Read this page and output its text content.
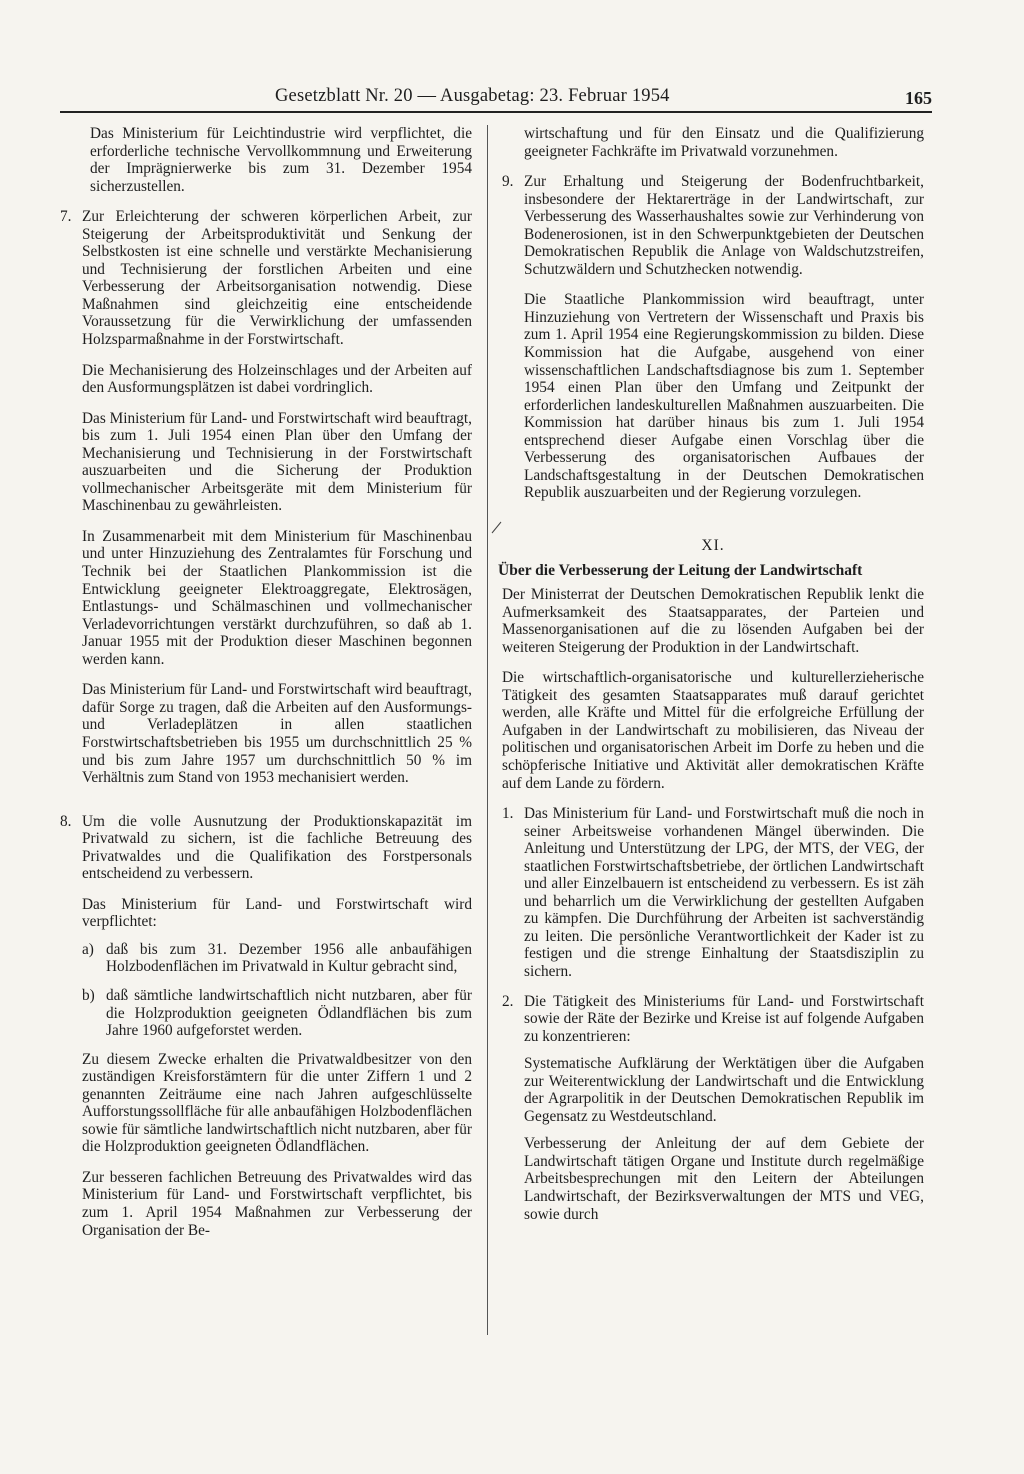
Gesetzblatt Nr. 20 — Ausgabetag: 23. Februar 1954	165

Das Ministerium für Leichtindustrie wird verpflichtet, die erforderliche technische Vervollkommnung und Erweiterung der Imprägnierwerke bis zum 31. Dezember 1954 sicherzustellen.

7. Zur Erleichterung der schweren körperlichen Arbeit, zur Steigerung der Arbeitsproduktivität und Senkung der Selbstkosten ist eine schnelle und verstärkte Mechanisierung und Technisierung der forstlichen Arbeiten und eine Verbesserung der Arbeitsorganisation notwendig. Diese Maßnahmen sind gleichzeitig eine entscheidende Voraussetzung für die Verwirklichung der umfassenden Holzsparmaßnahme in der Forstwirtschaft.

Die Mechanisierung des Holzeinschlages und der Arbeiten auf den Ausformungsplätzen ist dabei vordringlich.

Das Ministerium für Land- und Forstwirtschaft wird beauftragt, bis zum 1. Juli 1954 einen Plan über den Umfang der Mechanisierung und Technisierung in der Forstwirtschaft auszuarbeiten und die Sicherung der Produktion vollmechanischer Arbeitsgeräte mit dem Ministerium für Maschinenbau zu gewährleisten.

In Zusammenarbeit mit dem Ministerium für Maschinenbau und unter Hinzuziehung des Zentralamtes für Forschung und Technik bei der Staatlichen Plankommission ist die Entwicklung geeigneter Elektroaggregate, Elektrosägen, Entlastungs- und Schälmaschinen und vollmechanischer Verladevorrichtungen verstärkt durchzuführen, so daß ab 1. Januar 1955 mit der Produktion dieser Maschinen begonnen werden kann.

Das Ministerium für Land- und Forstwirtschaft wird beauftragt, dafür Sorge zu tragen, daß die Arbeiten auf den Ausformungs- und Verladeplätzen in allen staatlichen Forstwirtschaftsbetrieben bis 1955 um durchschnittlich 25 % und bis zum Jahre 1957 um durchschnittlich 50 % im Verhältnis zum Stand von 1953 mechanisiert werden.

8. Um die volle Ausnutzung der Produktionskapazität im Privatwald zu sichern, ist die fachliche Betreuung des Privatwaldes und die Qualifikation des Forstpersonals entscheidend zu verbessern.

Das Ministerium für Land- und Forstwirtschaft wird verpflichtet:

a) daß bis zum 31. Dezember 1956 alle anbaufähigen Holzbodenflächen im Privatwald in Kultur gebracht sind,
b) daß sämtliche landwirtschaftlich nicht nutzbaren, aber für die Holzproduktion geeigneten Ödlandflächen bis zum Jahre 1960 aufgeforstet werden.

Zu diesem Zwecke erhalten die Privatwaldbesitzer von den zuständigen Kreisforstämtern für die unter Ziffern 1 und 2 genannten Zeiträume eine nach Jahren aufgeschlüsselte Aufforstungssollfläche für alle anbaufähigen Holzbodenflächen sowie für sämtliche landwirtschaftlich nicht nutzbaren, aber für die Holzproduktion geeigneten Ödlandflächen.

Zur besseren fachlichen Betreuung des Privatwaldes wird das Ministerium für Land- und Forstwirtschaft verpflichtet, bis zum 1. April 1954 Maßnahmen zur Verbesserung der Organisation der Be-

wirtschaftung und für den Einsatz und die Qualifizierung geeigneter Fachkräfte im Privatwald vorzunehmen.

9. Zur Erhaltung und Steigerung der Bodenfruchtbarkeit, insbesondere der Hektarerträge in der Landwirtschaft, zur Verbesserung des Wasserhaushaltes sowie zur Verhinderung von Bodenerosionen, ist in den Schwerpunktgebieten der Deutschen Demokratischen Republik die Anlage von Waldschutzstreifen, Schutzwäldern und Schutzhecken notwendig.

Die Staatliche Plankommission wird beauftragt, unter Hinzuziehung von Vertretern der Wissenschaft und Praxis bis zum 1. April 1954 eine Regierungskommission zu bilden. Diese Kommission hat die Aufgabe, ausgehend von einer wissenschaftlichen Landschaftsdiagnose bis zum 1. September 1954 einen Plan über den Umfang und Zeitpunkt der erforderlichen landeskulturellen Maßnahmen auszuarbeiten. Die Kommission hat darüber hinaus bis zum 1. Juli 1954 entsprechend dieser Aufgabe einen Vorschlag über die Verbesserung des organisatorischen Aufbaues der Landschaftsgestaltung in der Deutschen Demokratischen Republik auszuarbeiten und der Regierung vorzulegen.

XI.
Über die Verbesserung der Leitung der Landwirtschaft

Der Ministerrat der Deutschen Demokratischen Republik lenkt die Aufmerksamkeit des Staatsapparates, der Parteien und Massenorganisationen auf die zu lösenden Aufgaben bei der weiteren Steigerung der Produktion in der Landwirtschaft.

Die wirtschaftlich-organisatorische und kulturellerzieherische Tätigkeit des gesamten Staatsapparates muß darauf gerichtet werden, alle Kräfte und Mittel für die erfolgreiche Erfüllung der Aufgaben in der Landwirtschaft zu mobilisieren, das Niveau der politischen und organisatorischen Arbeit im Dorfe zu heben und die schöpferische Initiative und Aktivität aller demokratischen Kräfte auf dem Lande zu fördern.

1. Das Ministerium für Land- und Forstwirtschaft muß die noch in seiner Arbeitsweise vorhandenen Mängel überwinden. Die Anleitung und Unterstützung der LPG, der MTS, der VEG, der staatlichen Forstwirtschaftsbetriebe, der örtlichen Landwirtschaft und aller Einzelbauern ist entscheidend zu verbessern. Es ist zäh und beharrlich um die Verwirklichung der gestellten Aufgaben zu kämpfen. Die Durchführung der Arbeiten ist sachverständig zu leiten. Die persönliche Verantwortlichkeit der Kader ist zu festigen und die strenge Einhaltung der Staatsdisziplin zu sichern.
2. Die Tätigkeit des Ministeriums für Land- und Forstwirtschaft sowie der Räte der Bezirke und Kreise ist auf folgende Aufgaben zu konzentrieren:

Systematische Aufklärung der Werktätigen über die Aufgaben zur Weiterentwicklung der Landwirtschaft und die Entwicklung der Agrarpolitik in der Deutschen Demokratischen Republik im Gegensatz zu Westdeutschland.

Verbesserung der Anleitung der auf dem Gebiete der Landwirtschaft tätigen Organe und Institute durch regelmäßige Arbeitsbesprechungen mit den Leitern der Abteilungen Landwirtschaft, der Bezirksverwaltungen der MTS und VEG, sowie durch
